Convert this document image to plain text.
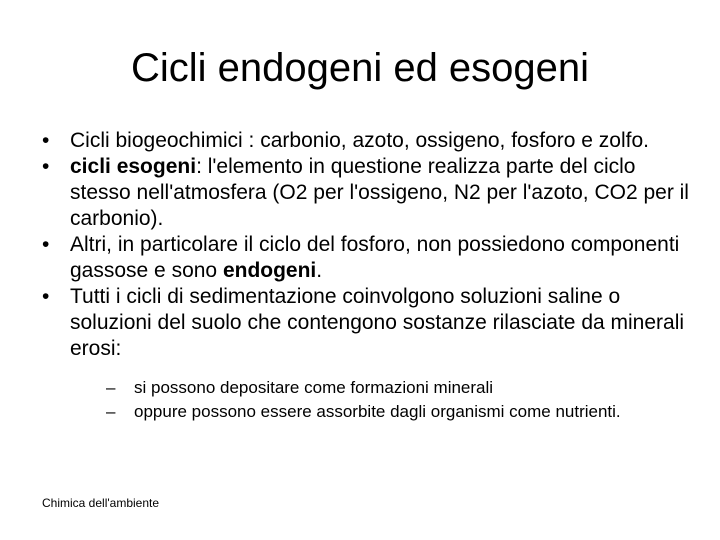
Cicli endogeni ed esogeni
• Cicli biogeochimici : carbonio, azoto, ossigeno, fosforo e zolfo.
• cicli esogeni: l'elemento in questione realizza parte del ciclo stesso nell'atmosfera (O2 per l'ossigeno, N2 per l'azoto, CO2 per il carbonio).
• Altri, in particolare il ciclo del fosforo, non possiedono componenti gassose e sono endogeni.
• Tutti i cicli di sedimentazione coinvolgono soluzioni saline o soluzioni del suolo che contengono sostanze rilasciate da minerali erosi:
– si possono depositare come formazioni minerali
– oppure possono essere assorbite dagli organismi come nutrienti.
Chimica dell'ambiente
